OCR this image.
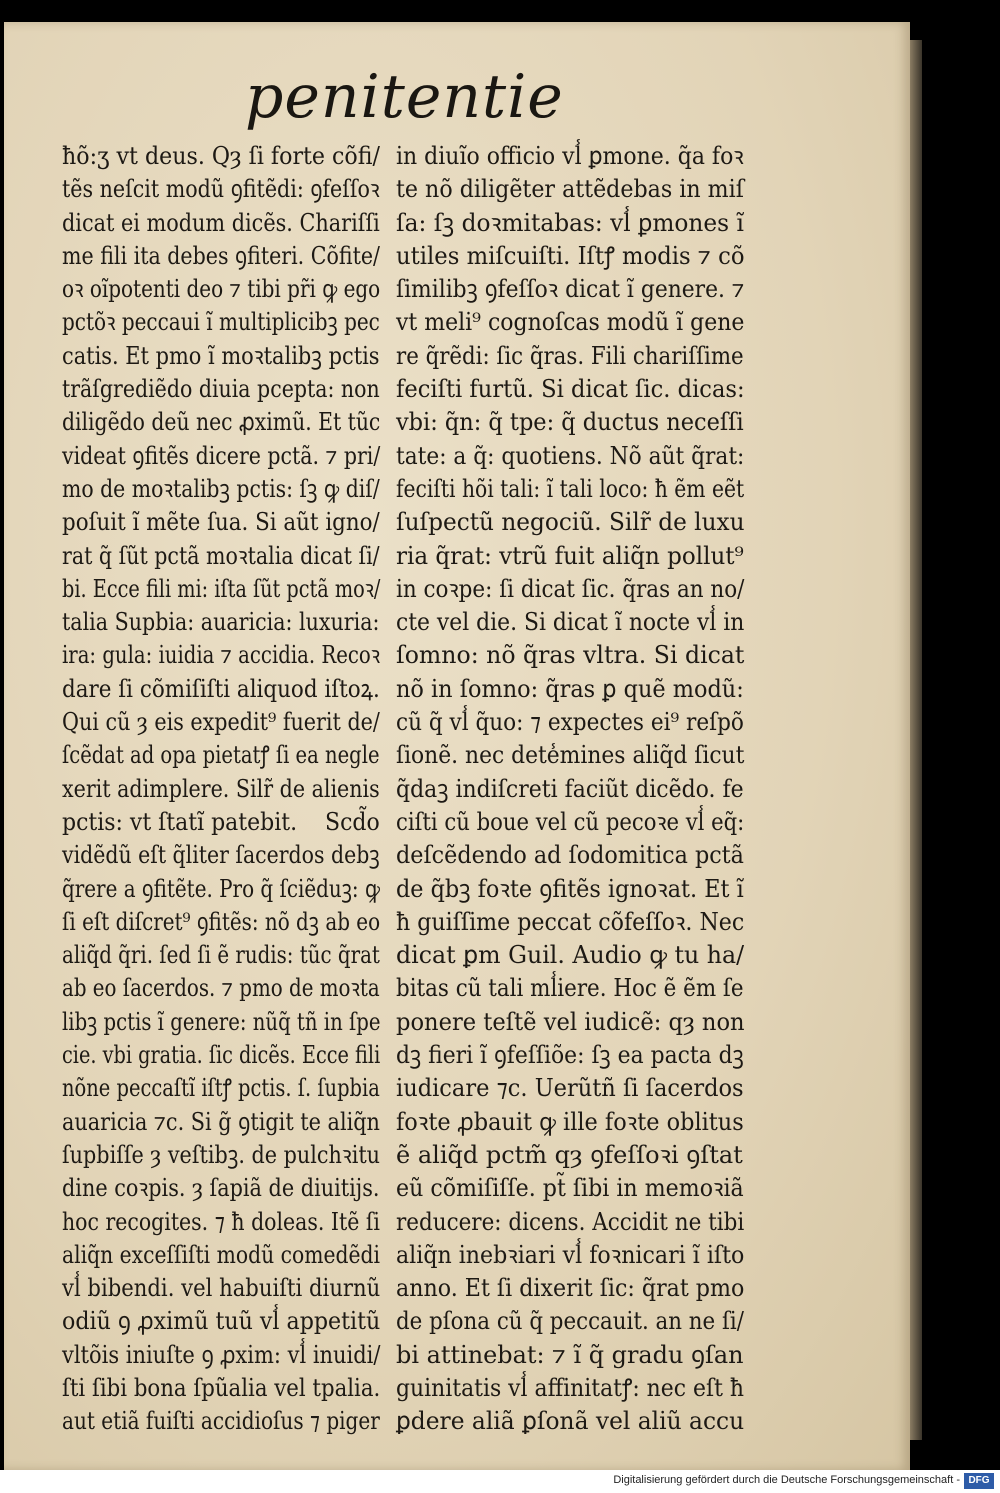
penitentie
ħõ:ʒ vt deus. Qȝ ſi forte cõfi/
tẽs neſcit modũ ꝯfitẽdi: ꝯfeſſoꝛ
dicat ei modum dicẽs. Chariſſi
me fili ita debes ꝯfiteri. Cõfite/
oꝛ oĩpotenti deo ⁊ tibi pr̃i ꝙ ego
pctõꝛ peccaui ĩ multiplicibꝫ pec
catis. Et pmo ĩ moꝛtalibꝫ pctis
trãſgrediẽdo diuia pcepta: non
diligẽdo deũ nec ꝓximũ. Et tũc
videat ꝯfitẽs dicere pctã. ⁊ pri/
mo de moꝛtalibꝫ pctis: ſꝫ ꝙ diſ/
poſuit ĩ mẽte ſua. Si aũt igno/
rat q̃ ſũt pctã moꝛtalia dicat ſi/
bi. Ecce fili mi: iſta ſũt pctã moꝛ/
talia Supbia: auaricia: luxuria:
ira: gula: iuidia ⁊ accidia. Recoꝛ
dare ſi cõmiſiſti aliquod iſtoꝝ.
Qui cũ ȝ eis expedit⁹ fuerit de/
ſcẽdat ad opa pietatꝭ ſi ea negle
xerit adimplere. Silr̃ de alienis
pctis: vt ſtatĩ patebit.    Scd̃o
vidẽdũ eſt q̃liter ſacerdos debꝫ
q̃rere a ꝯfitẽte. Pro q̃ ſciẽduꝫ: ꝙ
ſi eſt diſcret⁹ ꝯfitẽs: nõ dꝫ ab eo
aliq̃d q̃ri. ſed ſi ẽ rudis: tũc q̃rat
ab eo ſacerdos. ⁊ pmo de moꝛta
libꝫ pctis ĩ genere: nũq̃ tñ in ſpe
cie. vbi gratia. ſic dicẽs. Ecce fili
nõne peccaſtĩ iſtꝭ pctis. ſ. ſupbia
auaricia ⁊c. Si g̃ ꝯtigit te aliq̃n
ſupbiſſe ȝ veſtibꝫ. de pulchꝛitu
dine coꝛpis. ȝ ſapiã de diuitijs.
hoc recogites. ⁊ ħ doleas. Itẽ ſi
aliq̃n exceſſiſti modũ comedẽdi
vl̾ bibendi. vel habuiſti diurnũ
odiũ ꝯ ꝓximũ tuũ vl̾ appetitũ
vltõis iniuſte ꝯ ꝓxim: vl̾ inuidi/
ſti ſibi bona ſpũalia vel tpalia.
aut etiã fuiſti accidioſus ⁊ piger
in diuĩo officio vl̾ ꝑmone. q̃a foꝛ
te nõ diligẽter attẽdebas in miſ
ſa: ſꝫ doꝛmitabas: vl̾ ꝑmones ĩ
utiles miſcuiſti. Iſtꝭ modis ⁊ cõ
ſimilibꝫ ꝯfeſſoꝛ dicat ĩ genere. ⁊
vt meli⁹ cognoſcas modũ ĩ gene
re q̃rẽdi: ſic q̃ras. Fili chariſſime
feciſti furtũ. Si dicat ſic. dicas:
vbi: q̃n: q̃ tpe: q̃ ductus neceſſi
tate: a q̃: quotiens. Nõ aũt q̃rat:
feciſti hõi tali: ĩ tali loco: ħ ẽm eẽt
ſuſpectũ negociũ. Silr̃ de luxu
ria q̃rat: vtrũ fuit aliq̃n pollut⁹
in coꝛpe: ſi dicat ſic. q̃ras an no/
cte vel die. Si dicat ĩ nocte vl̾ in
ſomno: nõ q̃ras vltra. Si dicat
nõ in ſomno: q̃ras ꝑ quẽ modũ:
cũ q̃ vl̾ q̃uo: ⁊ expectes ei⁹ reſpõ
ſionẽ. nec dete̾mines aliq̃d ſicut
q̃daꝫ indiſcreti faciũt dicẽdo. fe
ciſti cũ boue vel cũ pecoꝛe vl̾ eq̃:
deſcẽdendo ad ſodomitica pctã
de q̃bꝫ foꝛte ꝯfitẽs ignoꝛat. Et ĩ
ħ guiſſime peccat cõfeſſoꝛ. Nec
dicat ꝑm Guil. Audio ꝙ tu ha/
bitas cũ tali ml̾iere. Hoc ẽ ẽm ſe
ponere teſtẽ vel iudicẽ: qȝ non
dꝫ fieri ĩ ꝯfeſſiõe: ſꝫ ea pacta dꝫ
iudicare ⁊c. Uerũtñ ſi ſacerdos
foꝛte ꝓbauit ꝙ ille foꝛte oblitus
ẽ aliq̃d pctm̃ qȝ ꝯfeſſoꝛi ꝯſtat
eũ cõmiſiſſe. pt̃ ſibi in memoꝛiã
reducere: dicens. Accidit ne tibi
aliq̃n inebꝛiari vl̾ foꝛnicari ĩ iſto
anno. Et ſi dixerit ſic: q̃rat pmo
de pſona cũ q̃ peccauit. an ne ſi/
bi attinebat: ⁊ ĩ q̃ gradu ꝯſan
guinitatis vl̾ affinitatꝭ: nec eſt ħ
ꝑdere aliã ꝑſonã vel aliũ accu
Digitalisierung gefördert durch die Deutsche Forschungsgemeinschaft - DFG
